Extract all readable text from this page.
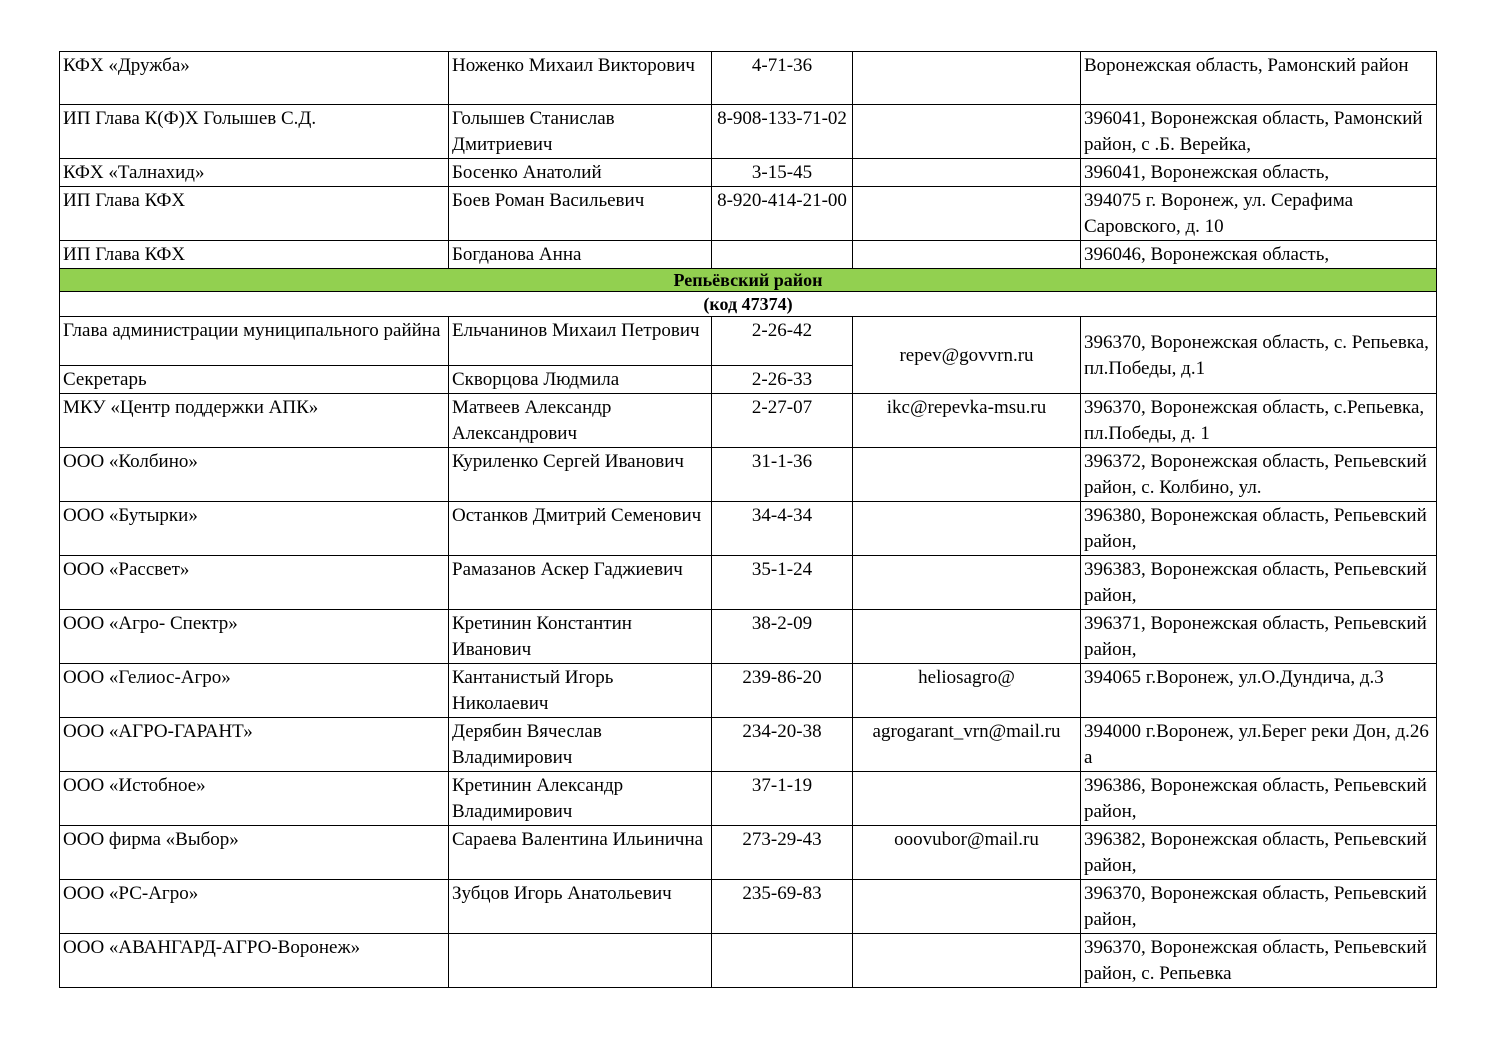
КФХ «Дружба»	Ноженко Михаил Викторович	4-71-36		Воронежская область, Рамонский район
ИП Глава К(Ф)Х Голышев С.Д.	Голышев Станислав Дмитриевич	8-908-133-71-02		396041, Воронежская область, Рамонский район, с .Б. Верейка,
КФХ «Талнахид»	Босенко Анатолий	3-15-45		396041, Воронежская область,
ИП Глава КФХ	Боев Роман Васильевич	8-920-414-21-00		394075 г. Воронеж, ул. Серафима Саровского, д. 10
ИП Глава КФХ	Богданова Анна			396046, Воронежская область,
Репьёвский район				
(код 47374)				
Глава администрации муниципального раййна	Ельчанинов Михаил Петрович	2-26-42	repev@govvrn.ru	396370, Воронежская область, с. Репьевка, пл.Победы, д.1
Секретарь	Скворцова Людмила	2-26-33		
МКУ «Центр поддержки АПК»	Матвеев Александр Александрович	2-27-07	ikc@repevka-msu.ru	396370, Воронежская область, с.Репьевка, пл.Победы, д. 1
ООО «Колбино»	Куриленко Сергей Иванович	31-1-36		396372, Воронежская область, Репьевский район, с. Колбино, ул.
ООО «Бутырки»	Останков Дмитрий Семенович	34-4-34		396380, Воронежская область, Репьевский район,
ООО «Рассвет»	Рамазанов Аскер Гаджиевич	35-1-24		396383, Воронежская область, Репьевский район,
ООО «Агро- Спектр»	Кретинин Константин Иванович	38-2-09		396371, Воронежская область, Репьевский район,
ООО «Гелиос-Агро»	Кантанистый Игорь Николаевич	239-86-20	heliosagro@	394065 г.Воронеж, ул.О.Дундича, д.3
ООО «АГРО-ГАРАНТ»	Дерябин Вячеслав Владимирович	234-20-38	agrogarant_vrn@mail.ru	394000 г.Воронеж, ул.Берег реки Дон, д.26 а
ООО «Истобное»	Кретинин Александр Владимирович	37-1-19		396386, Воронежская область, Репьевский район,
ООО фирма «Выбор»	Сараева Валентина Ильинична	273-29-43	ooovubor@mail.ru	396382, Воронежская область, Репьевский район,
ООО «РС-Агро»	Зубцов Игорь Анатольевич	235-69-83		396370, Воронежская область, Репьевский район,
ООО «АВАНГАРД-АГРО-Воронеж»				396370, Воронежская область, Репьевский район, с. Репьевка
